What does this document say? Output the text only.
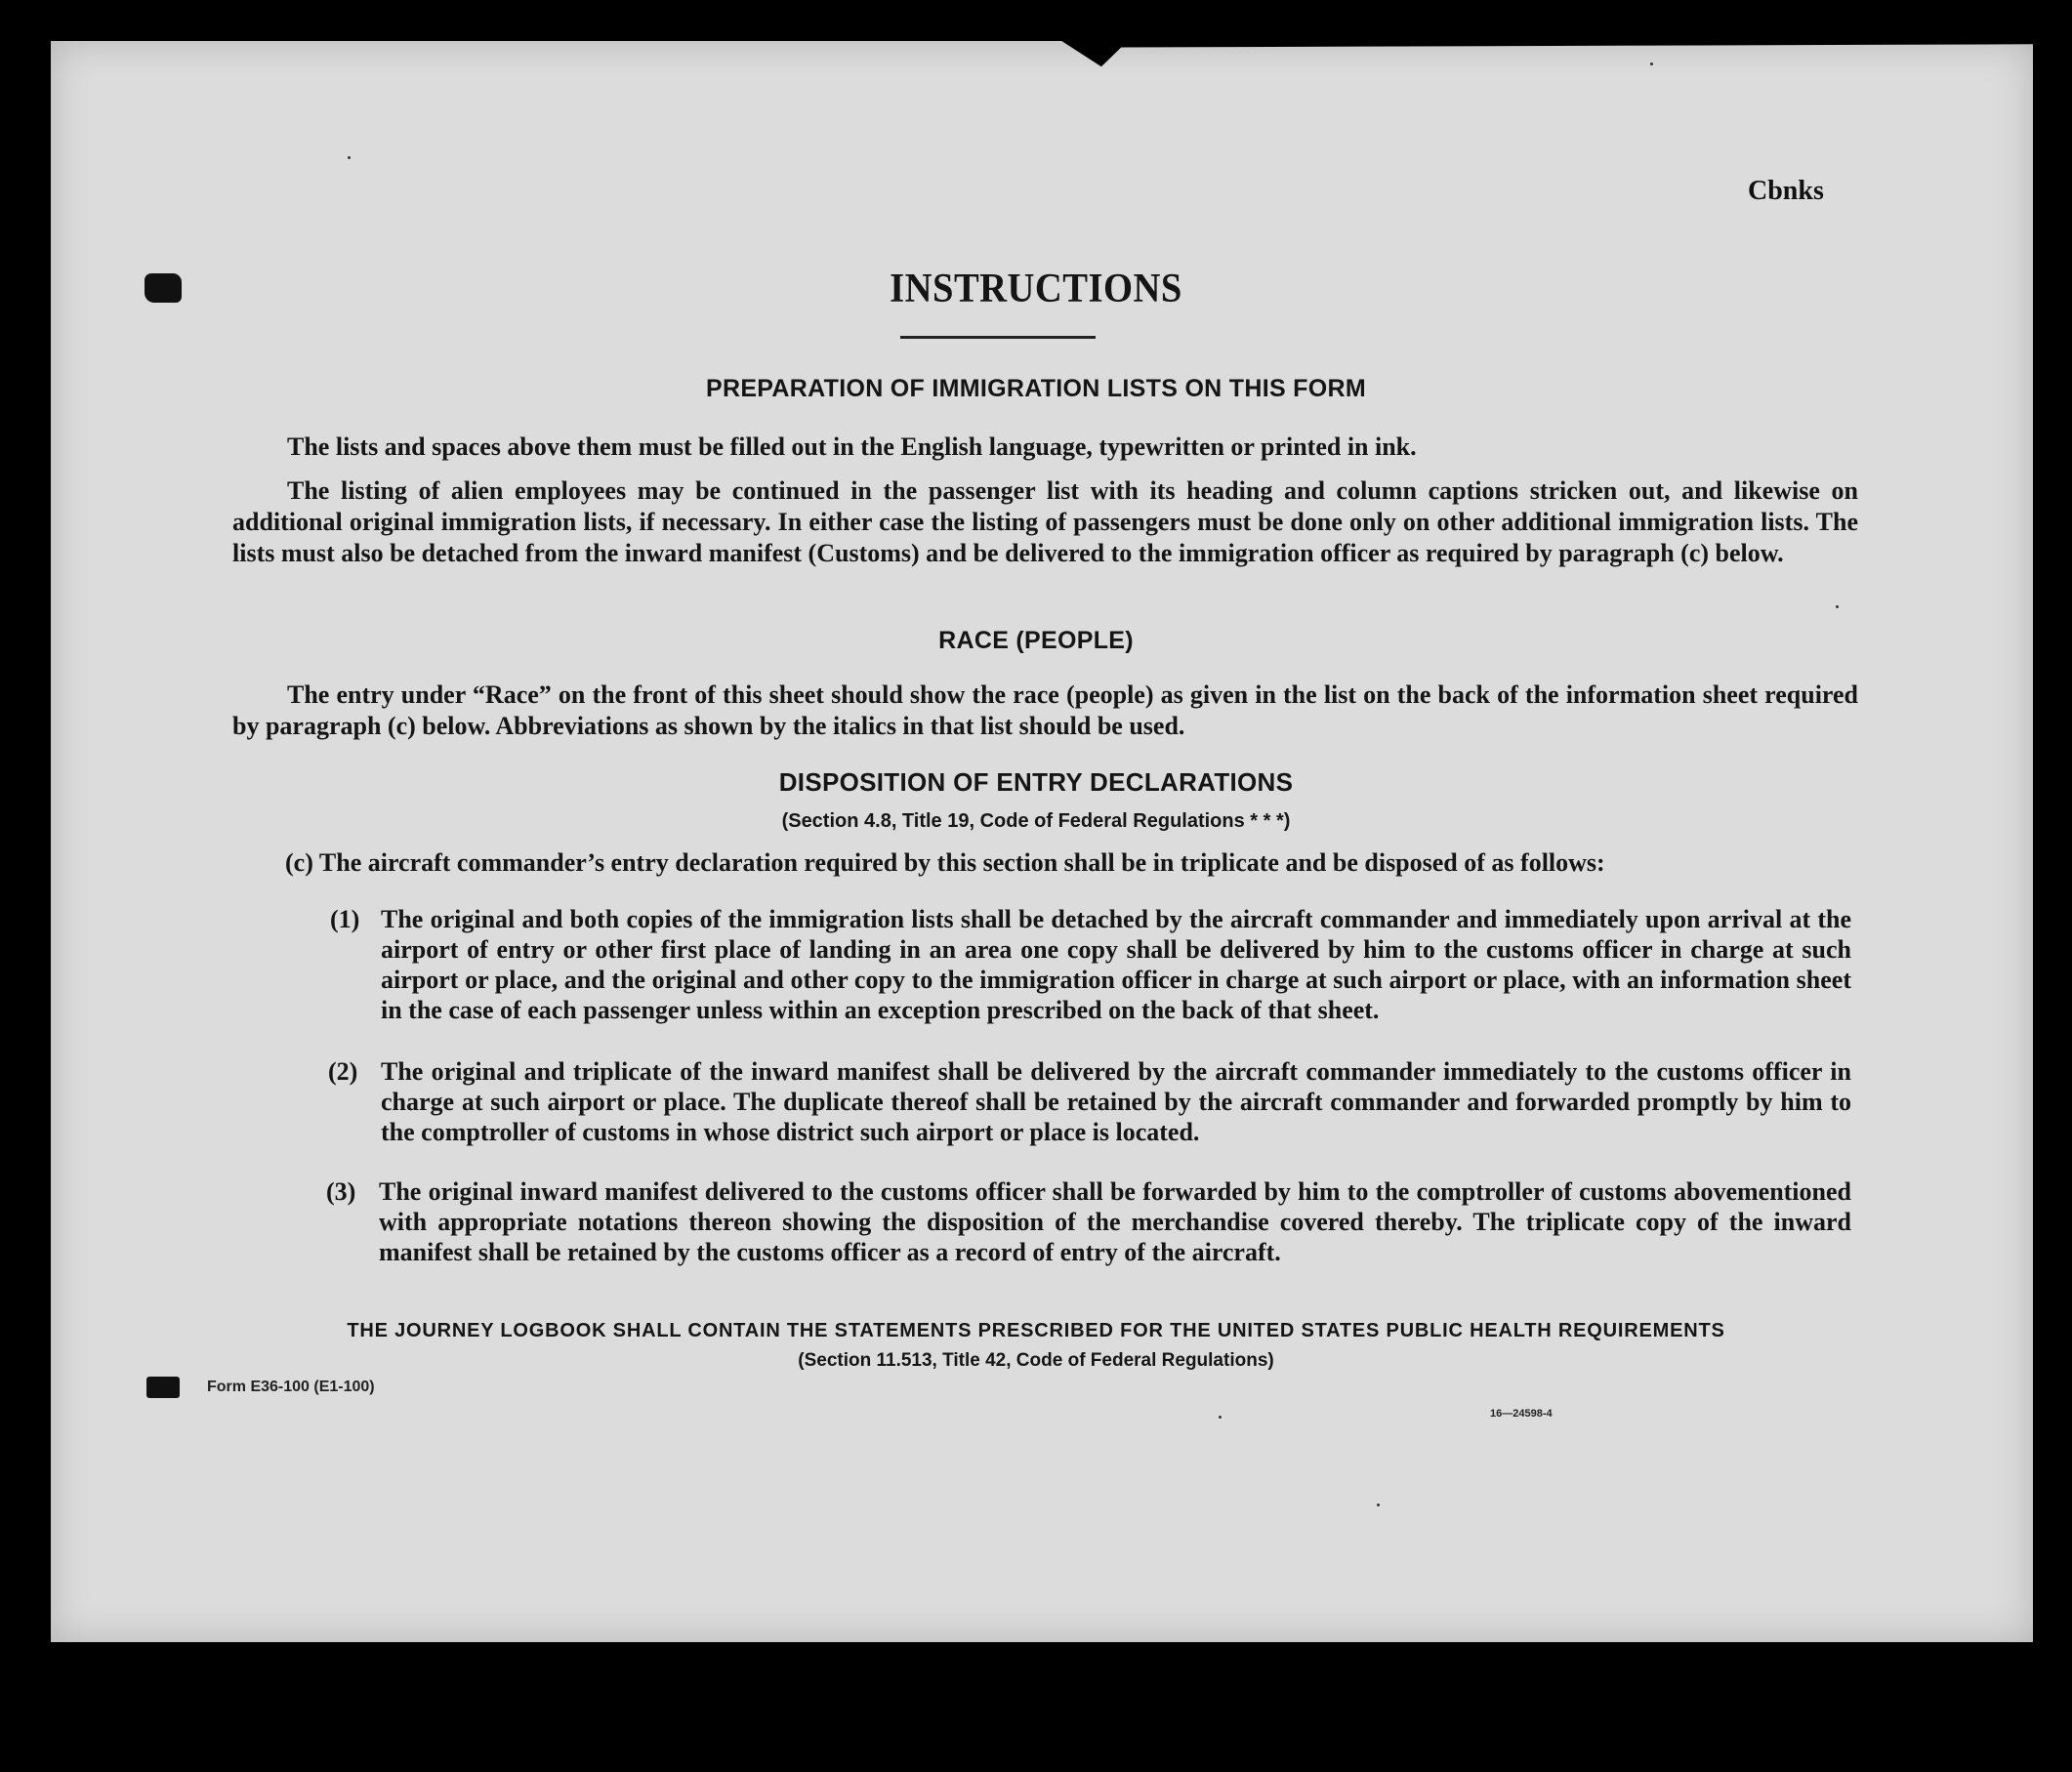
Cbnks
INSTRUCTIONS
PREPARATION OF IMMIGRATION LISTS ON THIS FORM
The lists and spaces above them must be filled out in the English language, typewritten or printed in ink.
The listing of alien employees may be continued in the passenger list with its heading and column captions stricken out, and likewise on additional original immigration lists, if necessary. In either case the listing of passengers must be done only on other additional immigration lists. The lists must also be detached from the inward manifest (Customs) and be delivered to the immigration officer as required by paragraph (c) below.
RACE (PEOPLE)
The entry under “Race” on the front of this sheet should show the race (people) as given in the list on the back of the information sheet required by paragraph (c) below. Abbreviations as shown by the italics in that list should be used.
DISPOSITION OF ENTRY DECLARATIONS
(Section 4.8, Title 19, Code of Federal Regulations * * *)
(c) The aircraft commander’s entry declaration required by this section shall be in triplicate and be disposed of as follows:
(1) The original and both copies of the immigration lists shall be detached by the aircraft commander and immediately upon arrival at the airport of entry or other first place of landing in an area one copy shall be delivered by him to the customs officer in charge at such airport or place, and the original and other copy to the immigration officer in charge at such airport or place, with an information sheet in the case of each passenger unless within an exception prescribed on the back of that sheet.
(2) The original and triplicate of the inward manifest shall be delivered by the aircraft commander immediately to the customs officer in charge at such airport or place. The duplicate thereof shall be retained by the aircraft commander and forwarded promptly by him to the comptroller of customs in whose district such airport or place is located.
(3) The original inward manifest delivered to the customs officer shall be forwarded by him to the comptroller of customs abovementioned with appropriate notations thereon showing the disposition of the merchandise covered thereby. The triplicate copy of the inward manifest shall be retained by the customs officer as a record of entry of the aircraft.
THE JOURNEY LOGBOOK SHALL CONTAIN THE STATEMENTS PRESCRIBED FOR THE UNITED STATES PUBLIC HEALTH REQUIREMENTS
(Section 11.513, Title 42, Code of Federal Regulations)
Form E36-100 (E1-100)
16—24598-4
